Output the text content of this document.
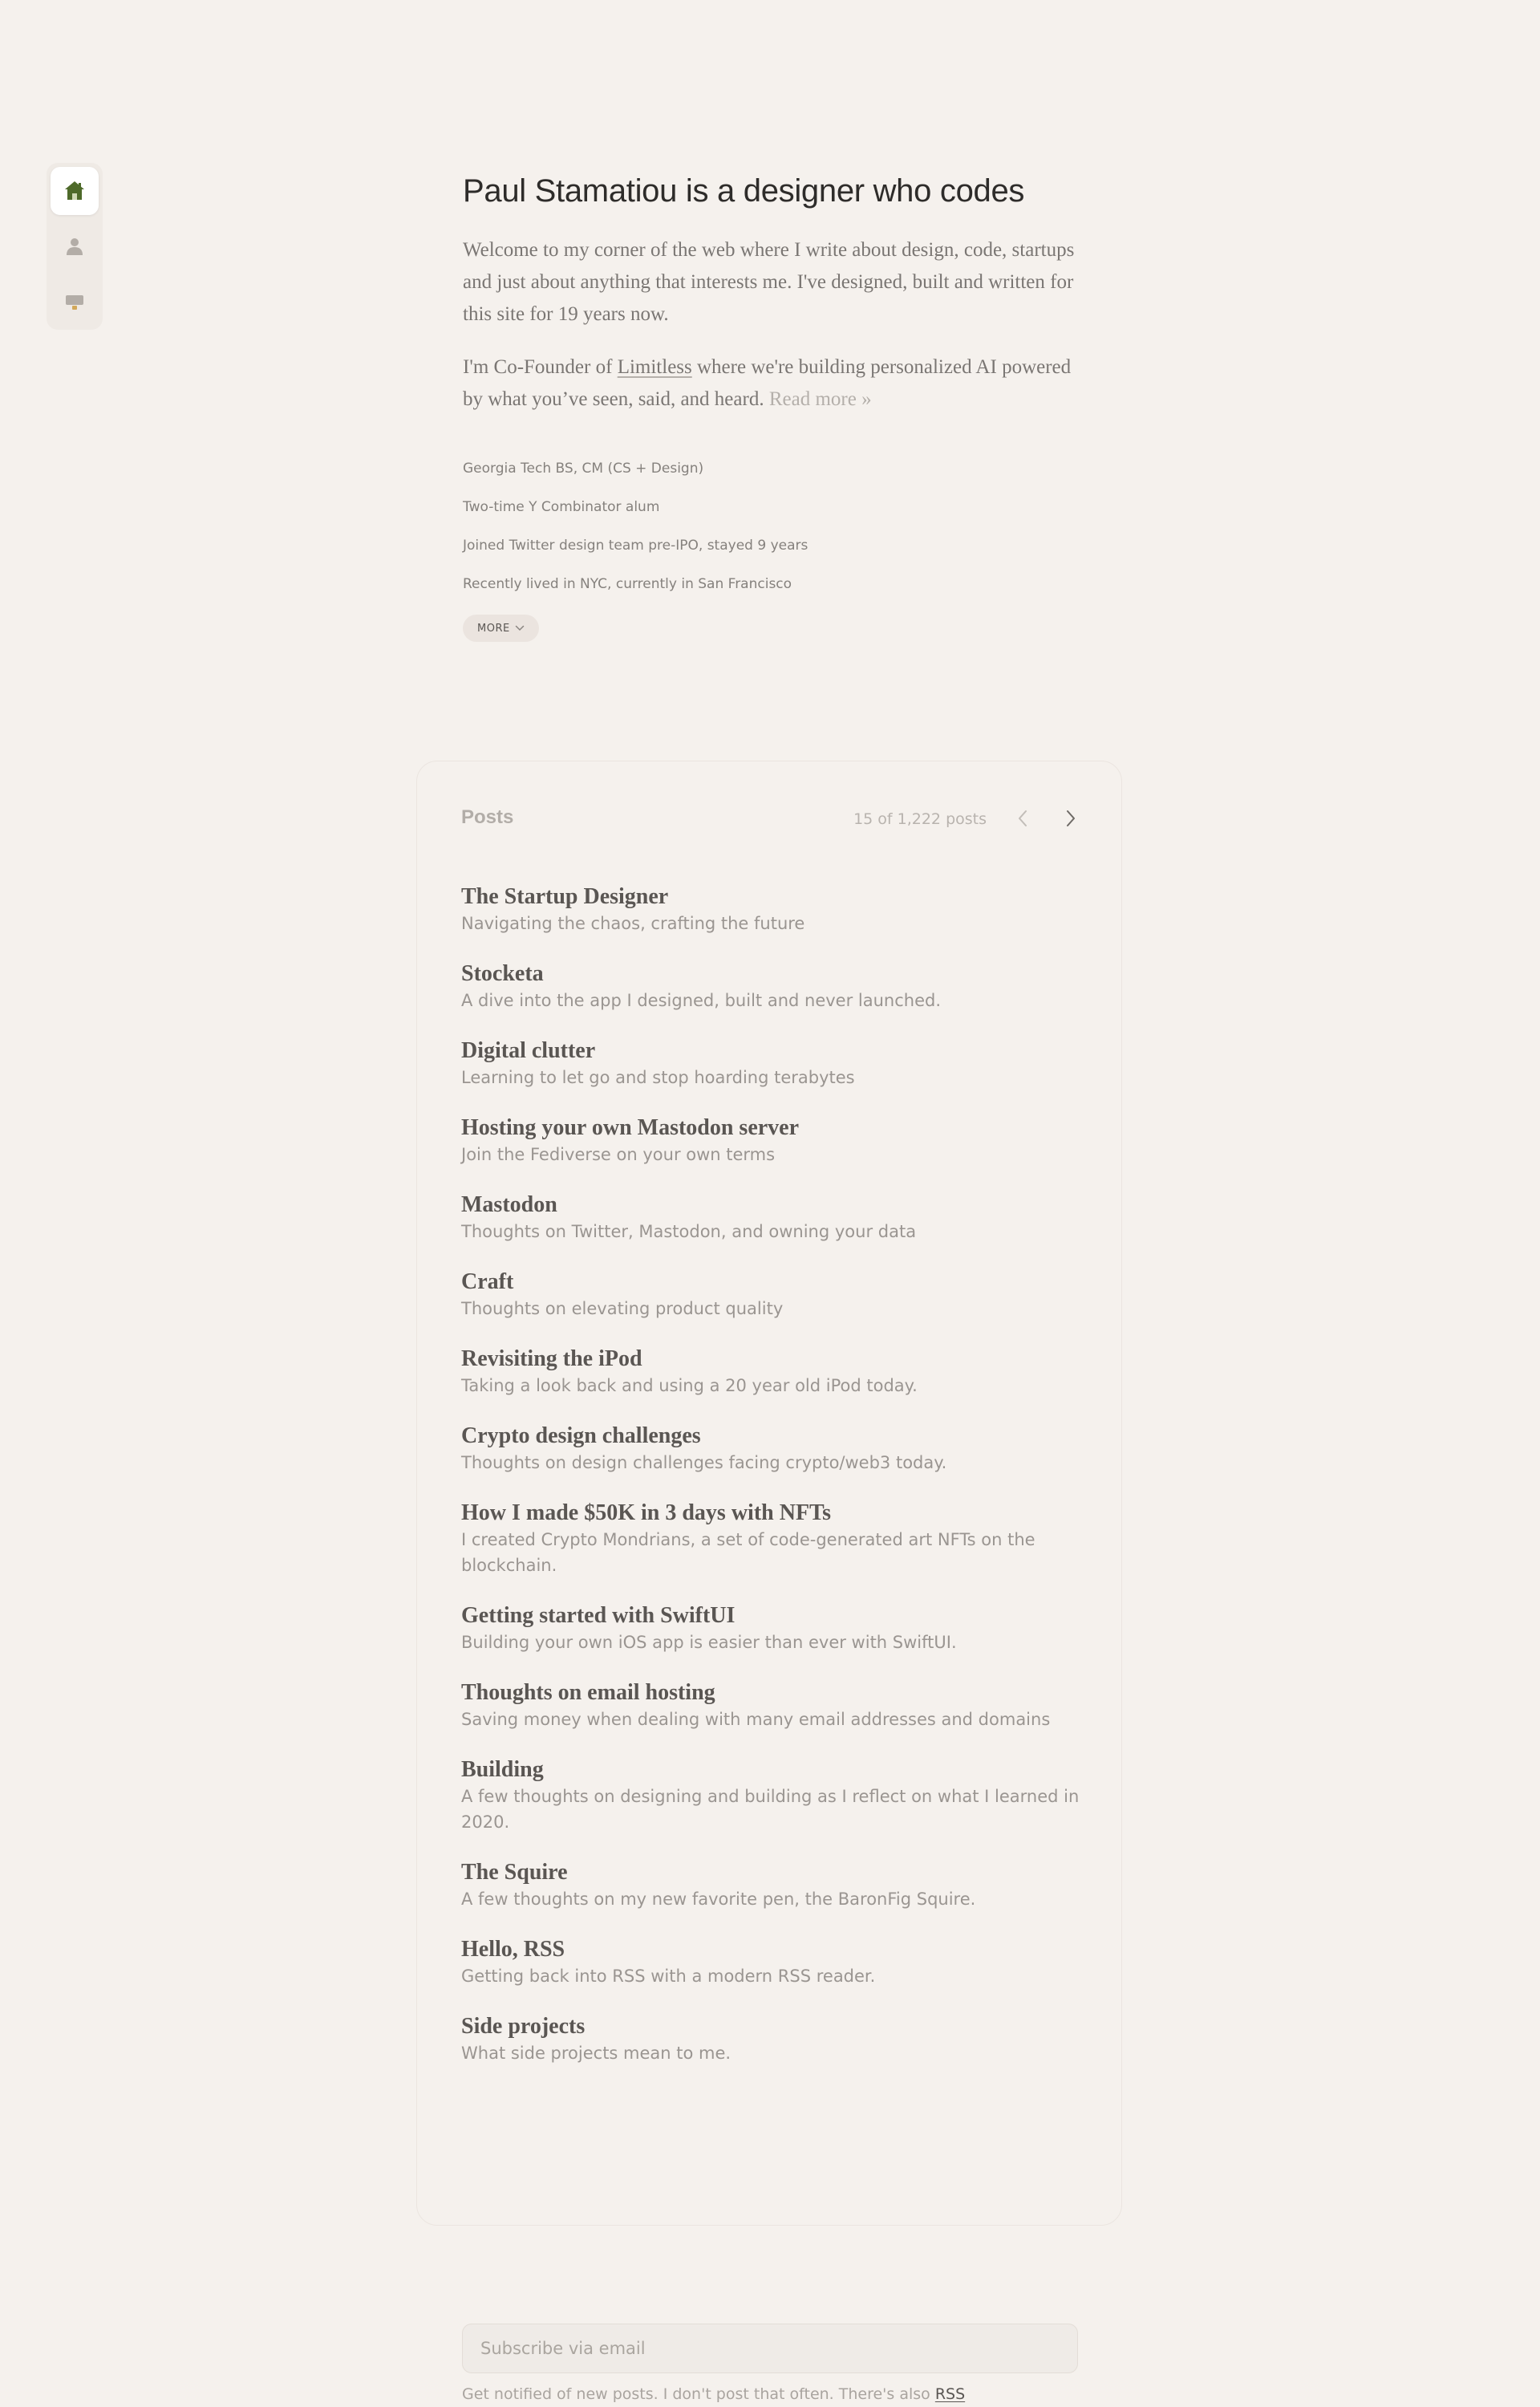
Paul Stamatiou is a designer who codes

Welcome to my corner of the web where I write about design, code, startups and just about anything that interests me. I've designed, built and written for this site for 19 years now.

I'm Co-Founder of Limitless where we're building personalized AI powered by what you’ve seen, said, and heard. Read more »

Georgia Tech BS, CM (CS + Design)
Two-time Y Combinator alum
Joined Twitter design team pre-IPO, stayed 9 years
Recently lived in NYC, currently in San Francisco
MORE
Posts	15 of 1,222 posts
The Startup Designer
Navigating the chaos, crafting the future
Stocketa
A dive into the app I designed, built and never launched.
Digital clutter
Learning to let go and stop hoarding terabytes
Hosting your own Mastodon server
Join the Fediverse on your own terms
Mastodon
Thoughts on Twitter, Mastodon, and owning your data
Craft
Thoughts on elevating product quality
Revisiting the iPod
Taking a look back and using a 20 year old iPod today.
Crypto design challenges
Thoughts on design challenges facing crypto/web3 today.
How I made $50K in 3 days with NFTs
I created Crypto Mondrians, a set of code-generated art NFTs on the blockchain.
Getting started with SwiftUI
Building your own iOS app is easier than ever with SwiftUI.
Thoughts on email hosting
Saving money when dealing with many email addresses and domains
Building
A few thoughts on designing and building as I reflect on what I learned in 2020.
The Squire
A few thoughts on my new favorite pen, the BaronFig Squire.
Hello, RSS
Getting back into RSS with a modern RSS reader.
Side projects
What side projects mean to me.
Subscribe via email
Get notified of new posts. I don't post that often. There's also RSS
